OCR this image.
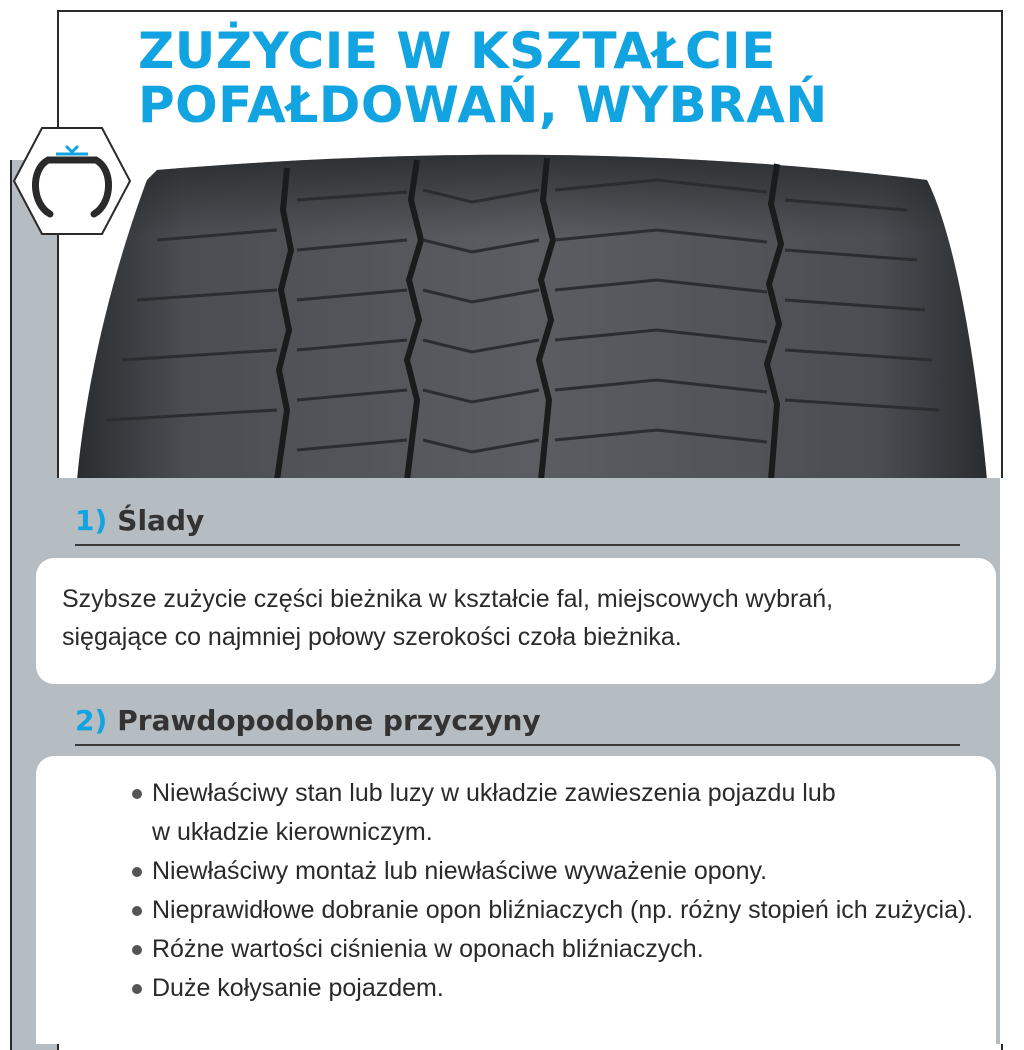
ZUŻYCIE W KSZTAŁCIE
POFAŁDOWAŃ, WYBRAŃ
1) Ślady

Szybsze zużycie części bieżnika w kształcie fal, miejscowych wybrań,

sięgające co najmniej połowy szerokości czoła bieżnika.

2) Prawdopodobne przyczyny
Niewłaściwy stan lub luzy w układzie zawieszenia pojazdu lub
w układzie kierowniczym.
Niewłaściwy montaż lub niewłaściwe wyważenie opony.
Nieprawidłowe dobranie opon bliźniaczych (np. różny stopień ich zużycia).
Różne wartości ciśnienia w oponach bliźniaczych.
Duże kołysanie pojazdem.
